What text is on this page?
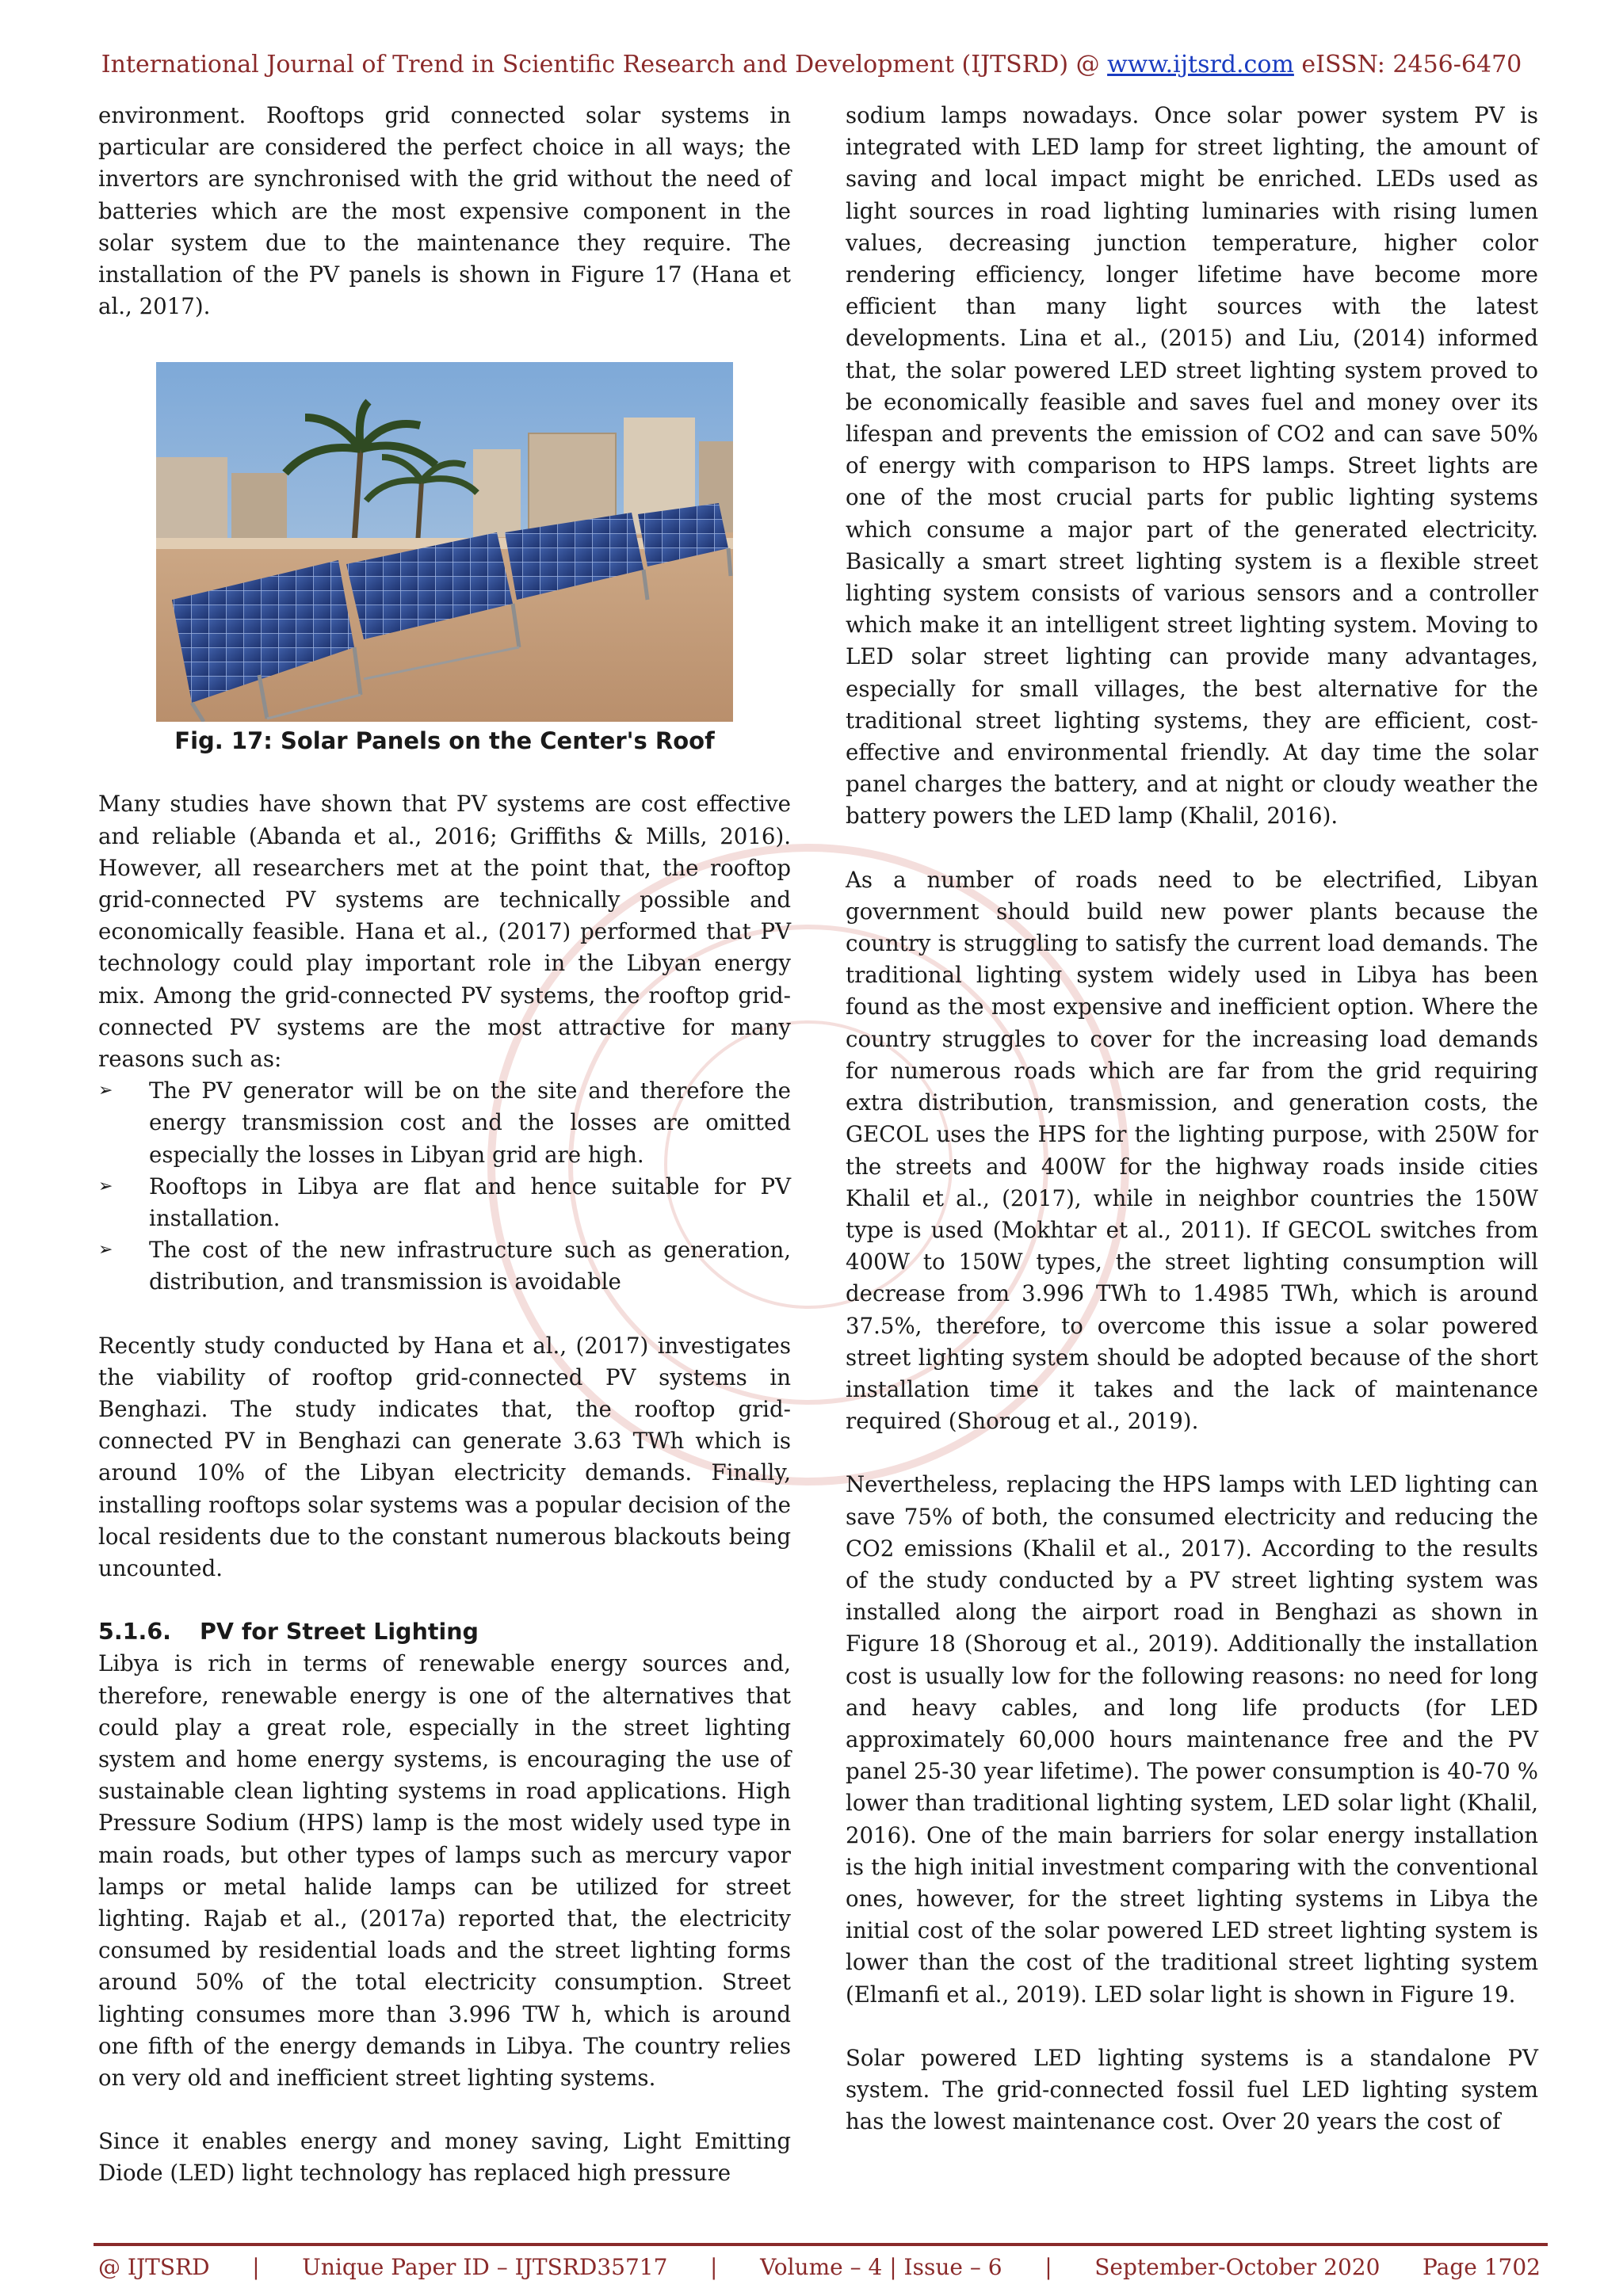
International Journal of Trend in Scientific Research and Development (IJTSRD) @ www.ijtsrd.com eISSN: 2456-6470

environment. Rooftops grid connected solar systems in particular are considered the perfect choice in all ways; the invertors are synchronised with the grid without the need of batteries which are the most expensive component in the solar system due to the maintenance they require. The installation of the PV panels is shown in Figure 17 (Hana et al., 2017).

Fig. 17: Solar Panels on the Center's Roof

Many studies have shown that PV systems are cost effective and reliable (Abanda et al., 2016; Griffiths & Mills, 2016). However, all researchers met at the point that, the rooftop grid-connected PV systems are technically possible and economically feasible. Hana et al., (2017) performed that PV technology could play important role in the Libyan energy mix. Among the grid-connected PV systems, the rooftop grid-connected PV systems are the most attractive for many reasons such as:

➢ The PV generator will be on the site and therefore the energy transmission cost and the losses are omitted especially the losses in Libyan grid are high.
➢ Rooftops in Libya are flat and hence suitable for PV installation.
➢ The cost of the new infrastructure such as generation, distribution, and transmission is avoidable

Recently study conducted by Hana et al., (2017) investigates the viability of rooftop grid-connected PV systems in Benghazi. The study indicates that, the rooftop grid-connected PV in Benghazi can generate 3.63 TWh which is around 10% of the Libyan electricity demands. Finally, installing rooftops solar systems was a popular decision of the local residents due to the constant numerous blackouts being uncounted.

5.1.6. PV for Street Lighting

Libya is rich in terms of renewable energy sources and, therefore, renewable energy is one of the alternatives that could play a great role, especially in the street lighting system and home energy systems, is encouraging the use of sustainable clean lighting systems in road applications. High Pressure Sodium (HPS) lamp is the most widely used type in main roads, but other types of lamps such as mercury vapor lamps or metal halide lamps can be utilized for street lighting. Rajab et al., (2017a) reported that, the electricity consumed by residential loads and the street lighting forms around 50% of the total electricity consumption. Street lighting consumes more than 3.996 TW h, which is around one fifth of the energy demands in Libya. The country relies on very old and inefficient street lighting systems.

Since it enables energy and money saving, Light Emitting Diode (LED) light technology has replaced high pressure

sodium lamps nowadays. Once solar power system PV is integrated with LED lamp for street lighting, the amount of saving and local impact might be enriched. LEDs used as light sources in road lighting luminaries with rising lumen values, decreasing junction temperature, higher color rendering efficiency, longer lifetime have become more efficient than many light sources with the latest developments. Lina et al., (2015) and Liu, (2014) informed that, the solar powered LED street lighting system proved to be economically feasible and saves fuel and money over its lifespan and prevents the emission of CO2 and can save 50% of energy with comparison to HPS lamps. Street lights are one of the most crucial parts for public lighting systems which consume a major part of the generated electricity. Basically a smart street lighting system is a flexible street lighting system consists of various sensors and a controller which make it an intelligent street lighting system. Moving to LED solar street lighting can provide many advantages, especially for small villages, the best alternative for the traditional street lighting systems, they are efficient, cost-effective and environmental friendly. At day time the solar panel charges the battery, and at night or cloudy weather the battery powers the LED lamp (Khalil, 2016).

As a number of roads need to be electrified, Libyan government should build new power plants because the country is struggling to satisfy the current load demands. The traditional lighting system widely used in Libya has been found as the most expensive and inefficient option. Where the country struggles to cover for the increasing load demands for numerous roads which are far from the grid requiring extra distribution, transmission, and generation costs, the GECOL uses the HPS for the lighting purpose, with 250W for the streets and 400W for the highway roads inside cities Khalil et al., (2017), while in neighbor countries the 150W type is used (Mokhtar et al., 2011). If GECOL switches from 400W to 150W types, the street lighting consumption will decrease from 3.996 TWh to 1.4985 TWh, which is around 37.5%, therefore, to overcome this issue a solar powered street lighting system should be adopted because of the short installation time it takes and the lack of maintenance required (Shoroug et al., 2019).

Nevertheless, replacing the HPS lamps with LED lighting can save 75% of both, the consumed electricity and reducing the CO2 emissions (Khalil et al., 2017). According to the results of the study conducted by a PV street lighting system was installed along the airport road in Benghazi as shown in Figure 18 (Shoroug et al., 2019). Additionally the installation cost is usually low for the following reasons: no need for long and heavy cables, and long life products (for LED approximately 60,000 hours maintenance free and the PV panel 25-30 year lifetime). The power consumption is 40-70 % lower than traditional lighting system, LED solar light (Khalil, 2016). One of the main barriers for solar energy installation is the high initial investment comparing with the conventional ones, however, for the street lighting systems in Libya the initial cost of the solar powered LED street lighting system is lower than the cost of the traditional street lighting system (Elmanfi et al., 2019). LED solar light is shown in Figure 19.

Solar powered LED lighting systems is a standalone PV system. The grid-connected fossil fuel LED lighting system has the lowest maintenance cost. Over 20 years the cost of

@ IJTSRD | Unique Paper ID – IJTSRD35717 | Volume – 4 | Issue – 6 | September-October 2020 Page 1702
